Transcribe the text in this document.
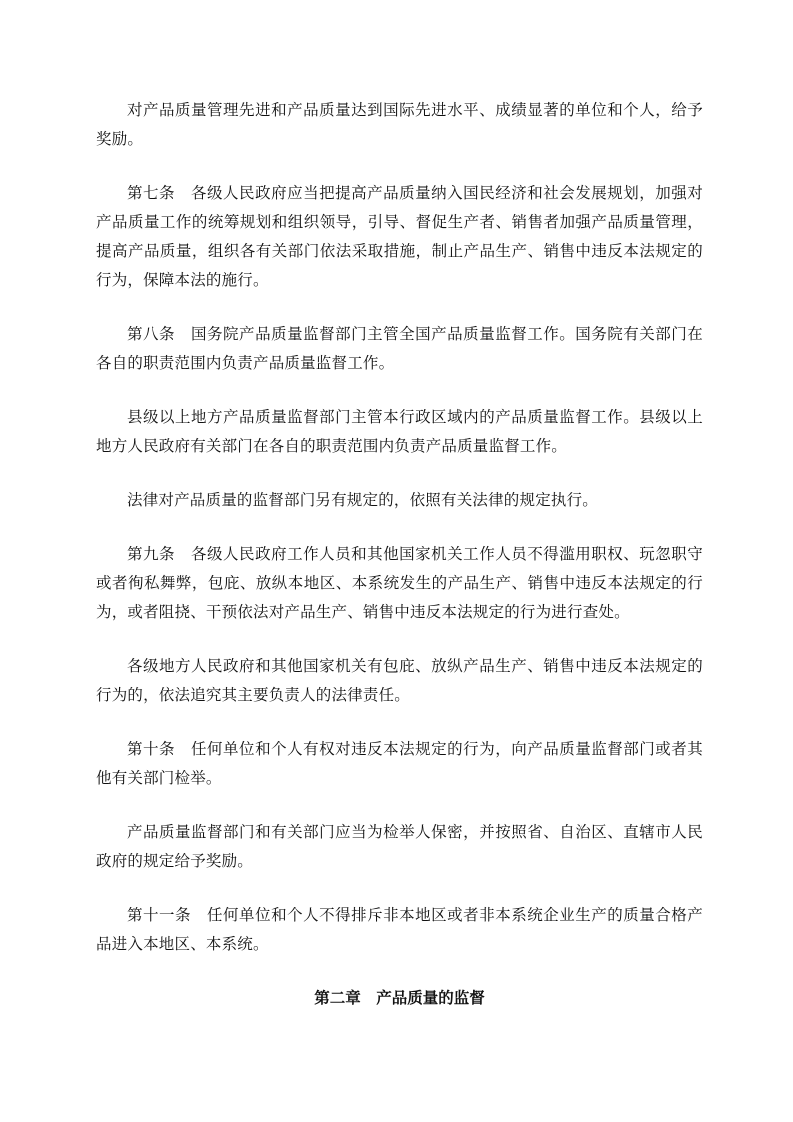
对产品质量管理先进和产品质量达到国际先进水平、成绩显著的单位和个人，给予奖励。

第七条　各级人民政府应当把提高产品质量纳入国民经济和社会发展规划，加强对产品质量工作的统筹规划和组织领导，引导、督促生产者、销售者加强产品质量管理，提高产品质量，组织各有关部门依法采取措施，制止产品生产、销售中违反本法规定的行为，保障本法的施行。

第八条　国务院产品质量监督部门主管全国产品质量监督工作。国务院有关部门在各自的职责范围内负责产品质量监督工作。

县级以上地方产品质量监督部门主管本行政区域内的产品质量监督工作。县级以上地方人民政府有关部门在各自的职责范围内负责产品质量监督工作。

法律对产品质量的监督部门另有规定的，依照有关法律的规定执行。

第九条　各级人民政府工作人员和其他国家机关工作人员不得滥用职权、玩忽职守或者徇私舞弊，包庇、放纵本地区、本系统发生的产品生产、销售中违反本法规定的行为，或者阻挠、干预依法对产品生产、销售中违反本法规定的行为进行查处。

各级地方人民政府和其他国家机关有包庇、放纵产品生产、销售中违反本法规定的行为的，依法追究其主要负责人的法律责任。

第十条　任何单位和个人有权对违反本法规定的行为，向产品质量监督部门或者其他有关部门检举。

产品质量监督部门和有关部门应当为检举人保密，并按照省、自治区、直辖市人民政府的规定给予奖励。

第十一条　任何单位和个人不得排斥非本地区或者非本系统企业生产的质量合格产品进入本地区、本系统。

第二章　产品质量的监督
